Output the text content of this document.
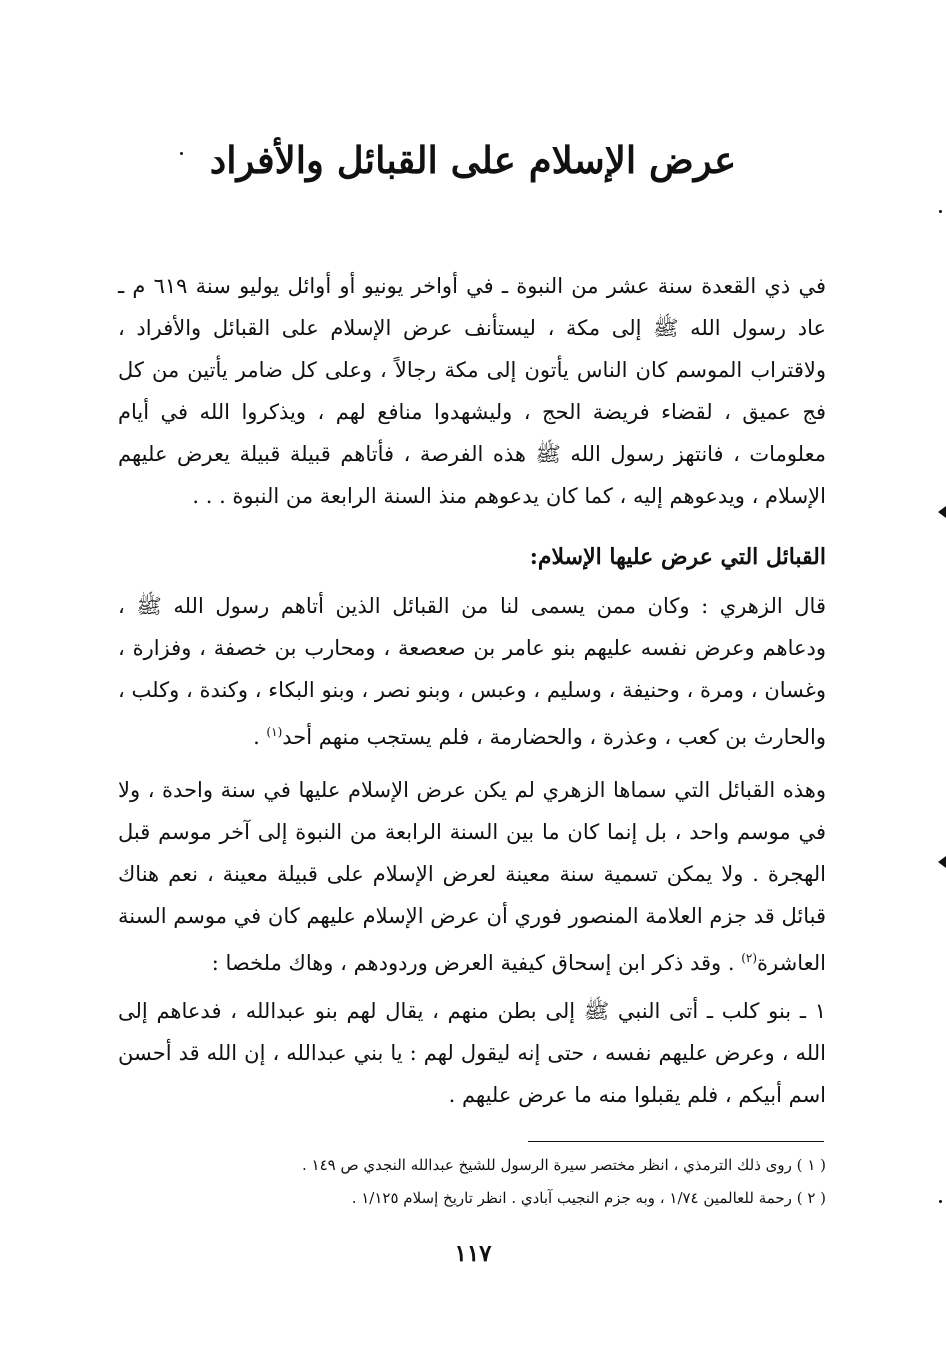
عرض الإسلام على القبائل والأفراد

في ذي القعدة سنة عشر من النبوة ـ في أواخر يونيو أو أوائل يوليو سنة ٦١٩ م ـ عاد رسول الله ﷺ إلى مكة ، ليستأنف عرض الإسلام على القبائل والأفراد ، ولاقتراب الموسم كان الناس يأتون إلى مكة رجالاً ، وعلى كل ضامر يأتين من كل فج عميق ، لقضاء فريضة الحج ، وليشهدوا منافع لهم ، ويذكروا الله في أيام معلومات ، فانتهز رسول الله ﷺ هذه الفرصة ، فأتاهم قبيلة قبيلة يعرض عليهم الإسلام ، ويدعوهم إليه ، كما كان يدعوهم منذ السنة الرابعة من النبوة . . .

القبائل التي عرض عليها الإسلام:

قال الزهري : وكان ممن يسمى لنا من القبائل الذين أتاهم رسول الله ﷺ ، ودعاهم وعرض نفسه عليهم بنو عامر بن صعصعة ، ومحارب بن خصفة ، وفزارة ، وغسان ، ومرة ، وحنيفة ، وسليم ، وعبس ، وبنو نصر ، وبنو البكاء ، وكندة ، وكلب ، والحارث بن كعب ، وعذرة ، والحضارمة ، فلم يستجب منهم أحد$^{(١)}$ .

وهذه القبائل التي سماها الزهري لم يكن عرض الإسلام عليها في سنة واحدة ، ولا في موسم واحد ، بل إنما كان ما بين السنة الرابعة من النبوة إلى آخر موسم قبل الهجرة . ولا يمكن تسمية سنة معينة لعرض الإسلام على قبيلة معينة ، نعم هناك قبائل قد جزم العلامة المنصور فوري أن عرض الإسلام عليهم كان في موسم السنة العاشرة$^{(٢)}$ . وقد ذكر ابن إسحاق كيفية العرض وردودهم ، وهاك ملخصا :

١ ـ بنو كلب ـ أتى النبي ﷺ إلى بطن منهم ، يقال لهم بنو عبدالله ، فدعاهم إلى الله ، وعرض عليهم نفسه ، حتى إنه ليقول لهم : يا بني عبدالله ، إن الله قد أحسن اسم أبيكم ، فلم يقبلوا منه ما عرض عليهم .

( ١ ) روى ذلك الترمذي ، انظر مختصر سيرة الرسول للشيخ عبدالله النجدي ص ١٤٩ .

( ٢ ) رحمة للعالمين ١/٧٤ ، وبه جزم النجيب آبادي . انظر تاريخ إسلام ١/١٢٥ .

١١٧
